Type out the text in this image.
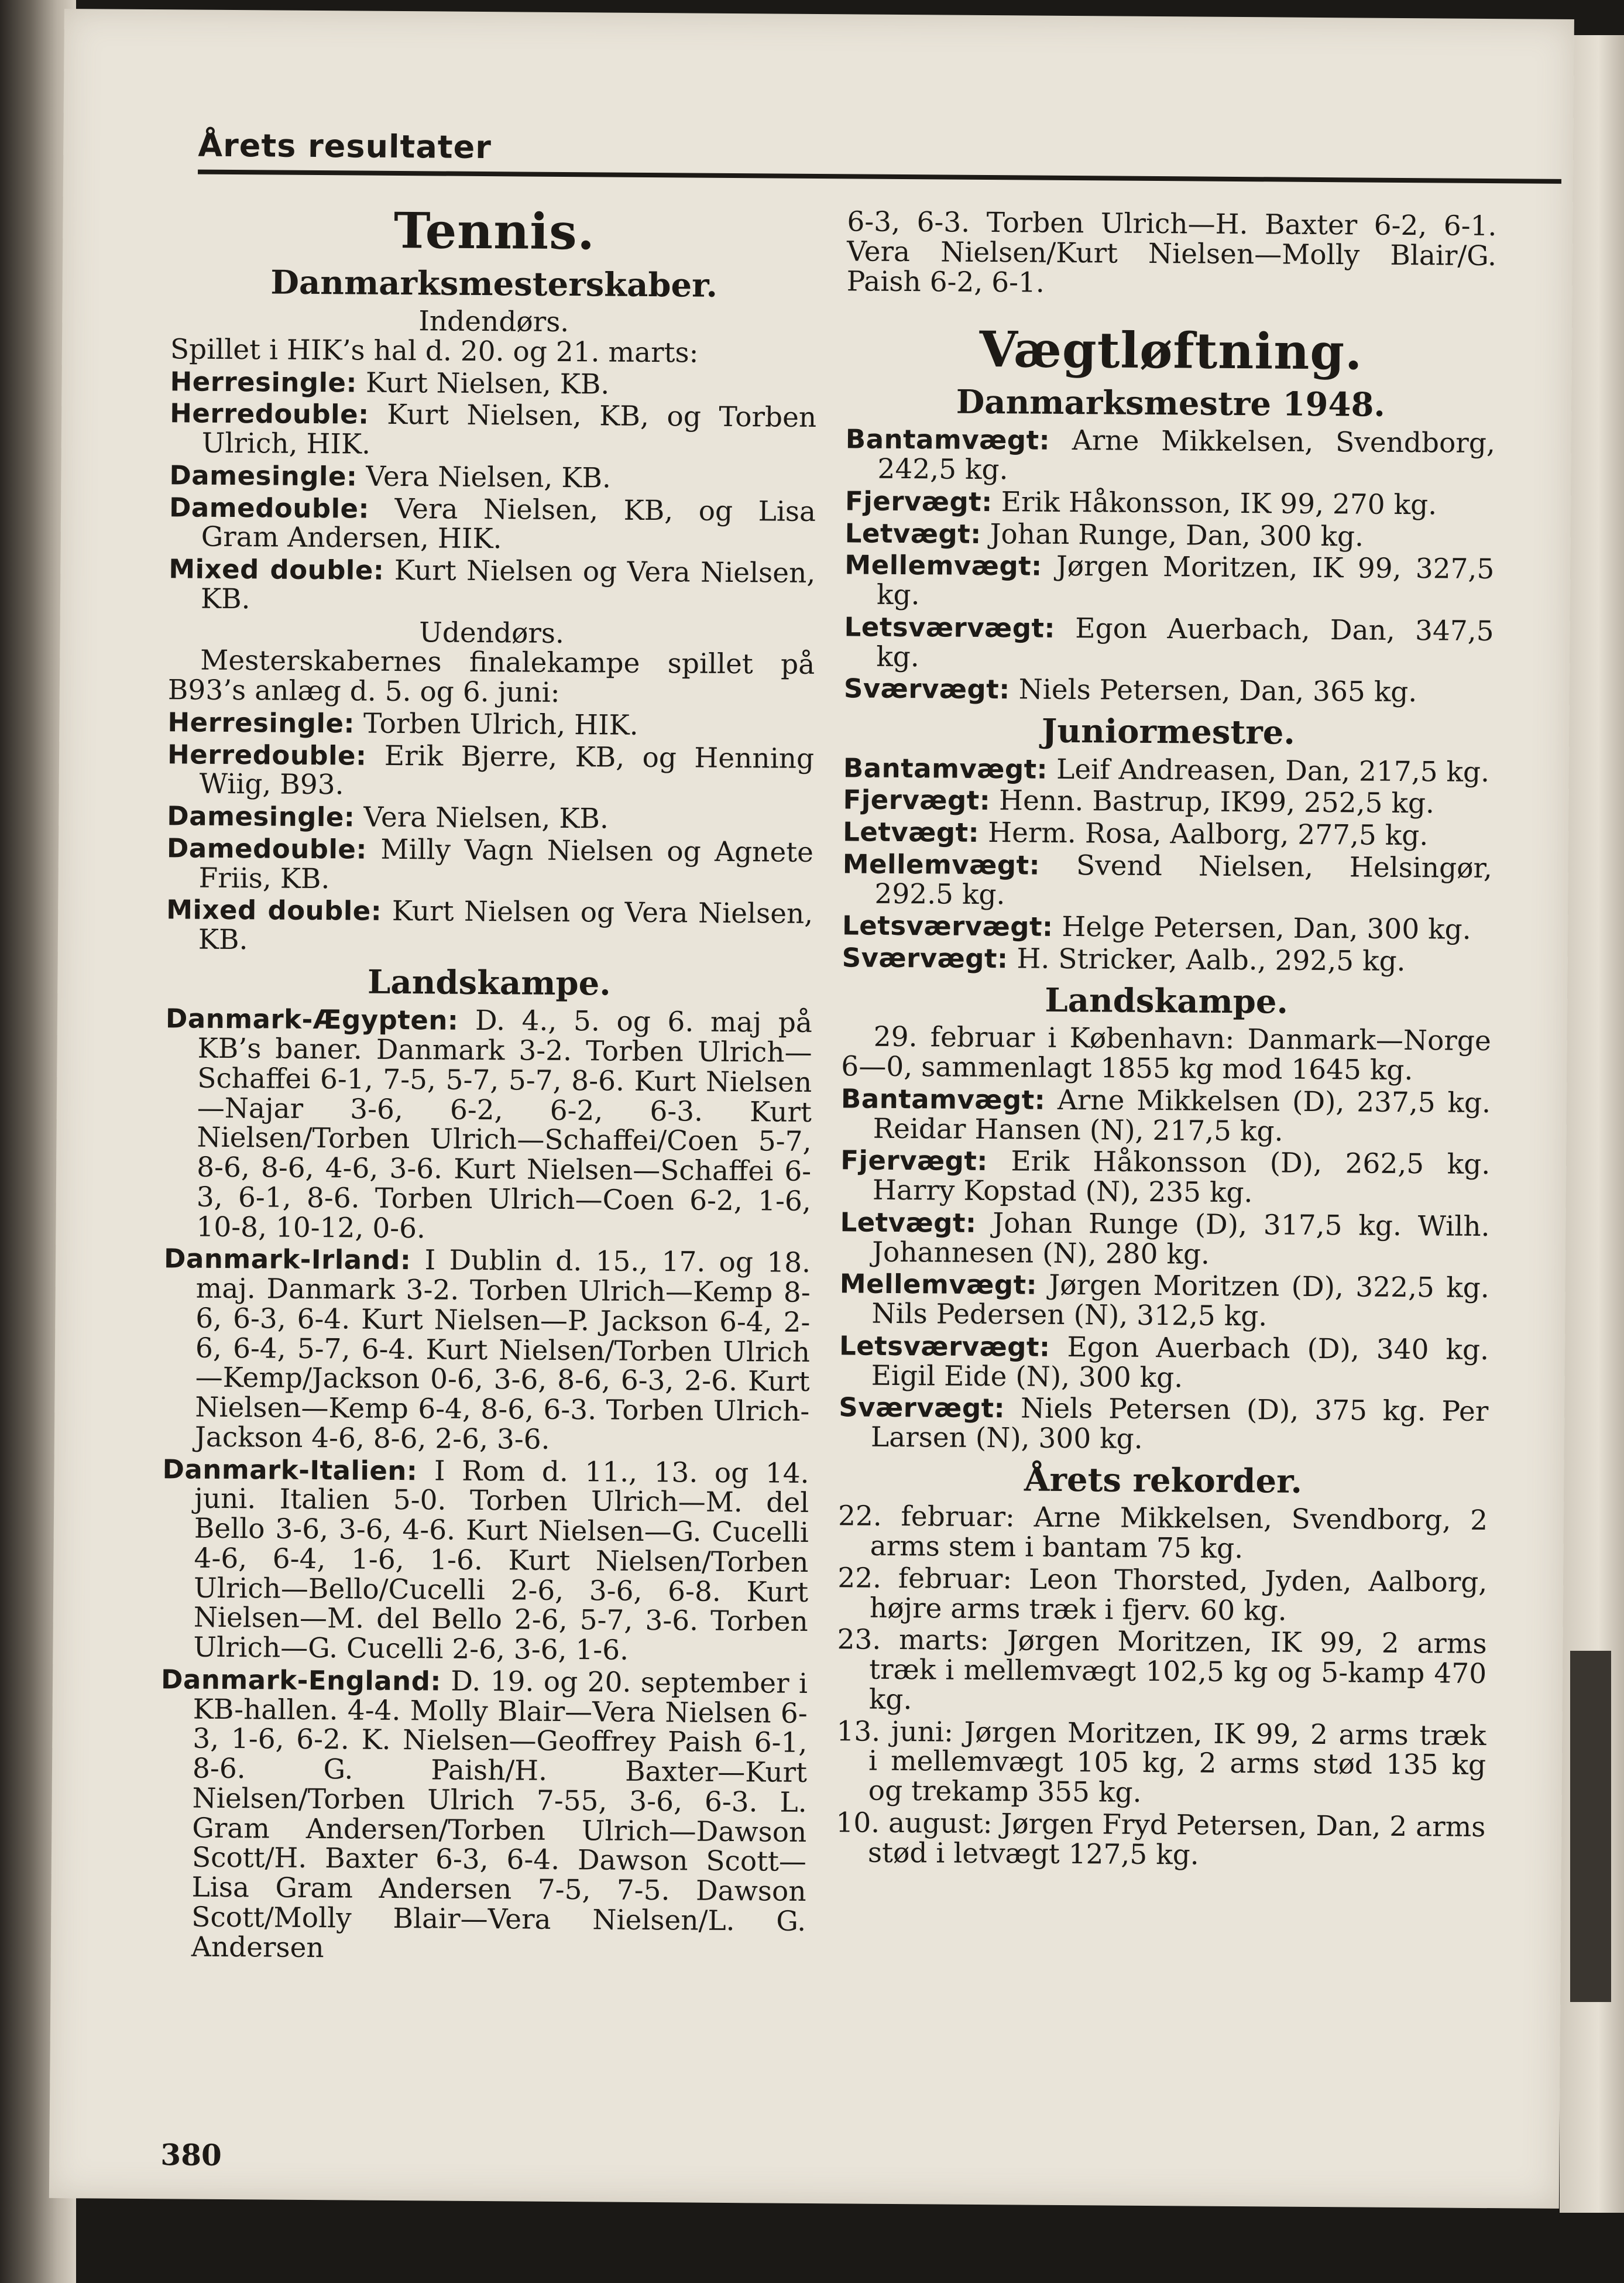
Årets resultater
Tennis.
Danmarksmesterskaber.
Indendørs.

Spillet i HIK’s hal d. 20. og 21. marts:

Herresingle: Kurt Nielsen, KB.

Herredouble: Kurt Nielsen, KB, og Torben Ulrich, HIK.

Damesingle: Vera Nielsen, KB.

Damedouble: Vera Nielsen, KB, og Lisa Gram Andersen, HIK.

Mixed double: Kurt Nielsen og Vera Nielsen, KB.

Udendørs.

Mesterskabernes finalekampe spillet på B93’s anlæg d. 5. og 6. juni:

Herresingle: Torben Ulrich, HIK.

Herredouble: Erik Bjerre, KB, og Henning Wiig, B93.

Damesingle: Vera Nielsen, KB.

Damedouble: Milly Vagn Nielsen og Agnete Friis, KB.

Mixed double: Kurt Nielsen og Vera Nielsen, KB.

Landskampe.

Danmark-Ægypten: D. 4., 5. og 6. maj på KB’s baner. Danmark 3-2. Torben Ulrich—Schaffei 6-1, 7-5, 5-7, 5-7, 8-6. Kurt Nielsen—Najar 3-6, 6-2, 6-2, 6-3. Kurt Nielsen/Torben Ulrich—Schaffei/Coen 5-7, 8-6, 8-6, 4-6, 3-6. Kurt Nielsen—Schaffei 6-3, 6-1, 8-6. Torben Ulrich—Coen 6-2, 1-6, 10-8, 10-12, 0-6.

Danmark-Irland: I Dublin d. 15., 17. og 18. maj. Danmark 3-2. Torben Ulrich—Kemp 8-6, 6-3, 6-4. Kurt Nielsen—P. Jackson 6-4, 2-6, 6-4, 5-7, 6-4. Kurt Nielsen/Torben Ulrich—Kemp/Jackson 0-6, 3-6, 8-6, 6-3, 2-6. Kurt Nielsen—Kemp 6-4, 8-6, 6-3. Torben Ulrich-Jackson 4-6, 8-6, 2-6, 3-6.

Danmark-Italien: I Rom d. 11., 13. og 14. juni. Italien 5-0. Torben Ulrich—M. del Bello 3-6, 3-6, 4-6. Kurt Nielsen—G. Cucelli 4-6, 6-4, 1-6, 1-6. Kurt Nielsen/Torben Ulrich—Bello/Cucelli 2-6, 3-6, 6-8. Kurt Nielsen—M. del Bello 2-6, 5-7, 3-6. Torben Ulrich—G. Cucelli 2-6, 3-6, 1-6.

Danmark-England: D. 19. og 20. september i KB-hallen. 4-4. Molly Blair—Vera Nielsen 6-3, 1-6, 6-2. K. Nielsen—Geoffrey Paish 6-1, 8-6. G. Paish/H. Baxter—Kurt Nielsen/Torben Ulrich 7-55, 3-6, 6-3. L. Gram Andersen/Torben Ulrich—Dawson Scott/H. Baxter 6-3, 6-4. Dawson Scott—Lisa Gram Andersen 7-5, 7-5. Dawson Scott/Molly Blair—Vera Nielsen/L. G. Andersen

6-3, 6-3. Torben Ulrich—H. Baxter 6-2, 6-1. Vera Nielsen/Kurt Nielsen—Molly Blair/G. Paish 6-2, 6-1.

Vægtløftning.
Danmarksmestre 1948.

Bantamvægt: Arne Mikkelsen, Svendborg, 242,5 kg.

Fjervægt: Erik Håkonsson, IK 99, 270 kg.

Letvægt: Johan Runge, Dan, 300 kg.

Mellemvægt: Jørgen Moritzen, IK 99, 327,5 kg.

Letsværvægt: Egon Auerbach, Dan, 347,5 kg.

Sværvægt: Niels Petersen, Dan, 365 kg.

Juniormestre.

Bantamvægt: Leif Andreasen, Dan, 217,5 kg.

Fjervægt: Henn. Bastrup, IK99, 252,5 kg.

Letvægt: Herm. Rosa, Aalborg, 277,5 kg.

Mellemvægt: Svend Nielsen, Helsingør, 292.5 kg.

Letsværvægt: Helge Petersen, Dan, 300 kg.

Sværvægt: H. Stricker, Aalb., 292,5 kg.

Landskampe.

29. februar i København: Danmark—Norge 6—0, sammenlagt 1855 kg mod 1645 kg.

Bantamvægt: Arne Mikkelsen (D), 237,5 kg. Reidar Hansen (N), 217,5 kg.

Fjervægt: Erik Håkonsson (D), 262,5 kg. Harry Kopstad (N), 235 kg.

Letvægt: Johan Runge (D), 317,5 kg. Wilh. Johannesen (N), 280 kg.

Mellemvægt: Jørgen Moritzen (D), 322,5 kg. Nils Pedersen (N), 312,5 kg.

Letsværvægt: Egon Auerbach (D), 340 kg. Eigil Eide (N), 300 kg.

Sværvægt: Niels Petersen (D), 375 kg. Per Larsen (N), 300 kg.

Årets rekorder.

22. februar: Arne Mikkelsen, Svendborg, 2 arms stem i bantam 75 kg.

22. februar: Leon Thorsted, Jyden, Aalborg, højre arms træk i fjerv. 60 kg.

23. marts: Jørgen Moritzen, IK 99, 2 arms træk i mellemvægt 102,5 kg og 5-kamp 470 kg.

13. juni: Jørgen Moritzen, IK 99, 2 arms træk i mellemvægt 105 kg, 2 arms stød 135 kg og trekamp 355 kg.

10. august: Jørgen Fryd Petersen, Dan, 2 arms stød i letvægt 127,5 kg.

380
